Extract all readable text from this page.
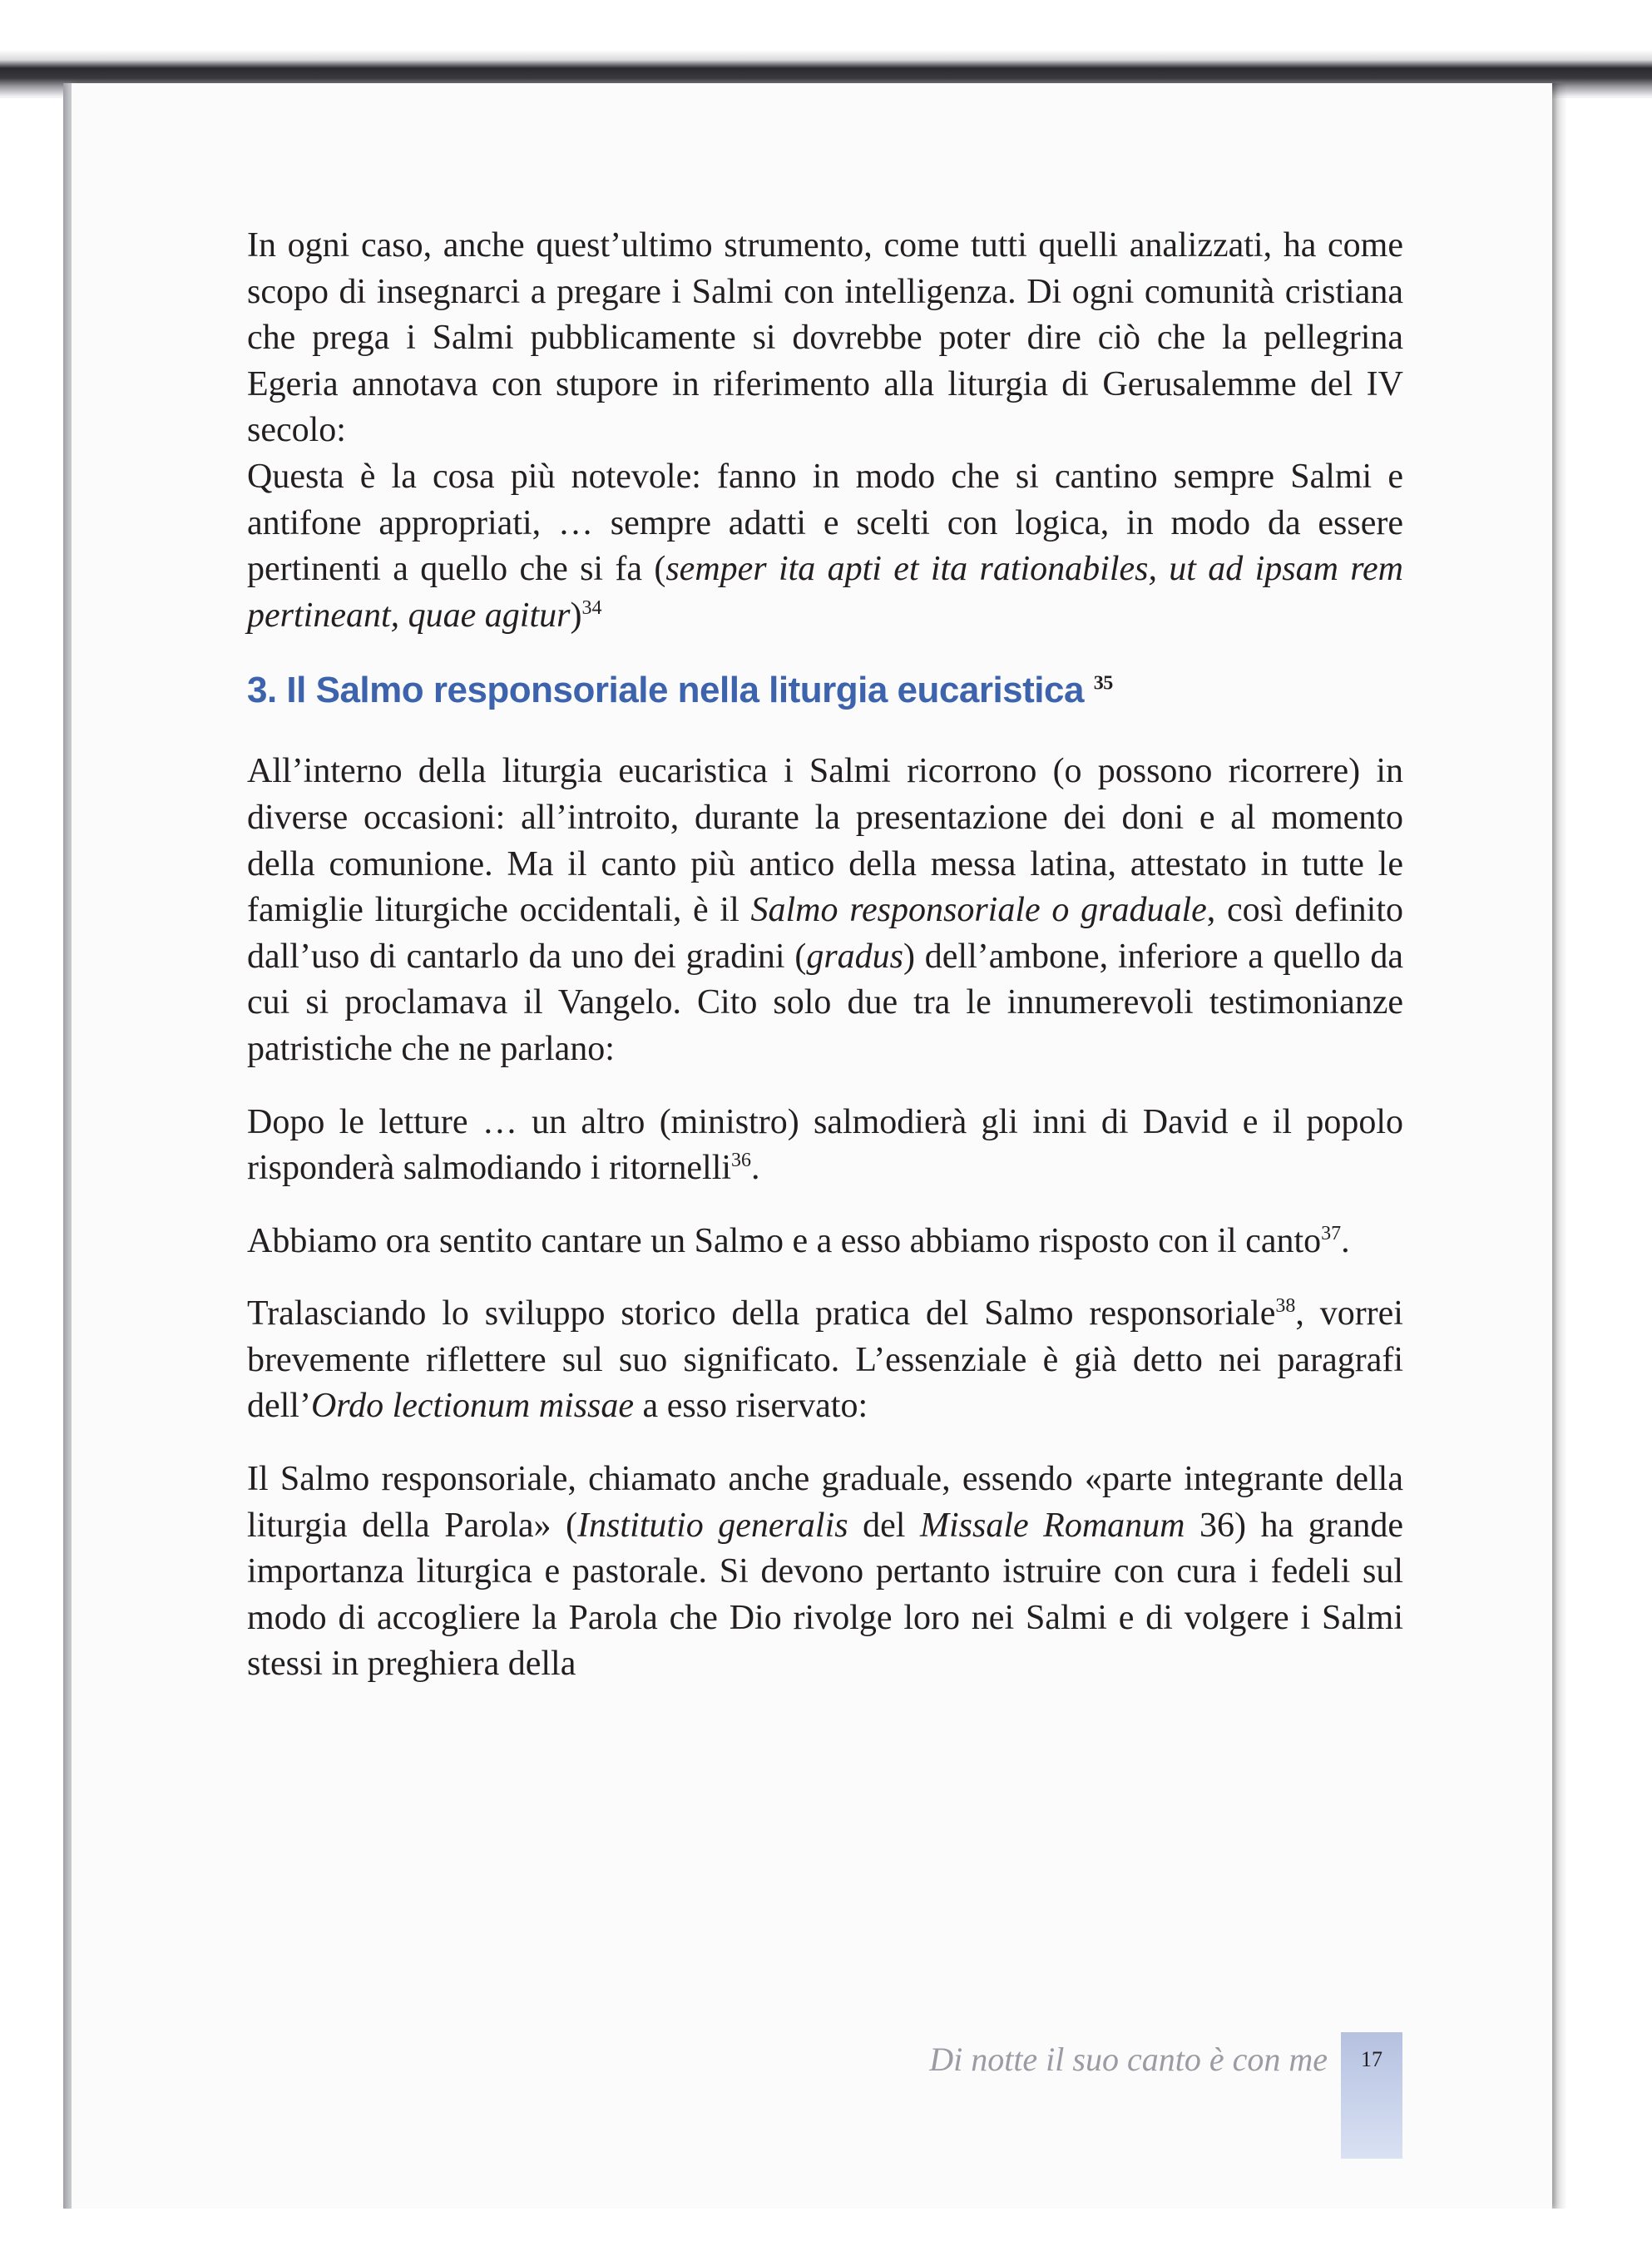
In ogni caso, anche quest’ultimo strumento, come tutti quelli analizzati, ha come scopo di insegnarci a pregare i Salmi con intelligenza. Di ogni comunità cristiana che prega i Salmi pubblicamente si dovrebbe poter dire ciò che la pellegrina Egeria annotava con stupore in riferimento alla liturgia di Gerusalemme del IV secolo:

Questa è la cosa più notevole: fanno in modo che si cantino sempre Salmi e antifone appropriati, … sempre adatti e scelti con logica, in modo da essere pertinenti a quello che si fa (semper ita apti et ita rationabiles, ut ad ipsam rem pertineant, quae agitur)$^{34}$

3. Il Salmo responsoriale nella liturgia eucaristica $^{35}$

All’interno della liturgia eucaristica i Salmi ricorrono (o possono ricorrere) in diverse occasioni: all’introito, durante la presentazione dei doni e al momento della comunione. Ma il canto più antico della messa latina, attestato in tutte le famiglie liturgiche occidentali, è il Salmo responsoriale o graduale, così definito dall’uso di cantarlo da uno dei gradini (gradus) dell’ambone, inferiore a quello da cui si proclamava il Vangelo. Cito solo due tra le innumerevoli testimonianze patristiche che ne parlano:

Dopo le letture … un altro (ministro) salmodierà gli inni di David e il popolo risponderà salmodiando i ritornelli$^{36}$.

Abbiamo ora sentito cantare un Salmo e a esso abbiamo risposto con il canto$^{37}$.

Tralasciando lo sviluppo storico della pratica del Salmo responsoriale$^{38}$, vorrei brevemente riflettere sul suo significato. L’essenziale è già detto nei paragrafi dell’Ordo lectionum missae a esso riservato:

Il Salmo responsoriale, chiamato anche graduale, essendo «parte integrante della liturgia della Parola» (Institutio generalis del Missale Romanum 36) ha grande importanza liturgica e pastorale. Si devono pertanto istruire con cura i fedeli sul modo di accogliere la Parola che Dio rivolge loro nei Salmi e di volgere i Salmi stessi in preghiera della

Di notte il suo canto è con me	17
